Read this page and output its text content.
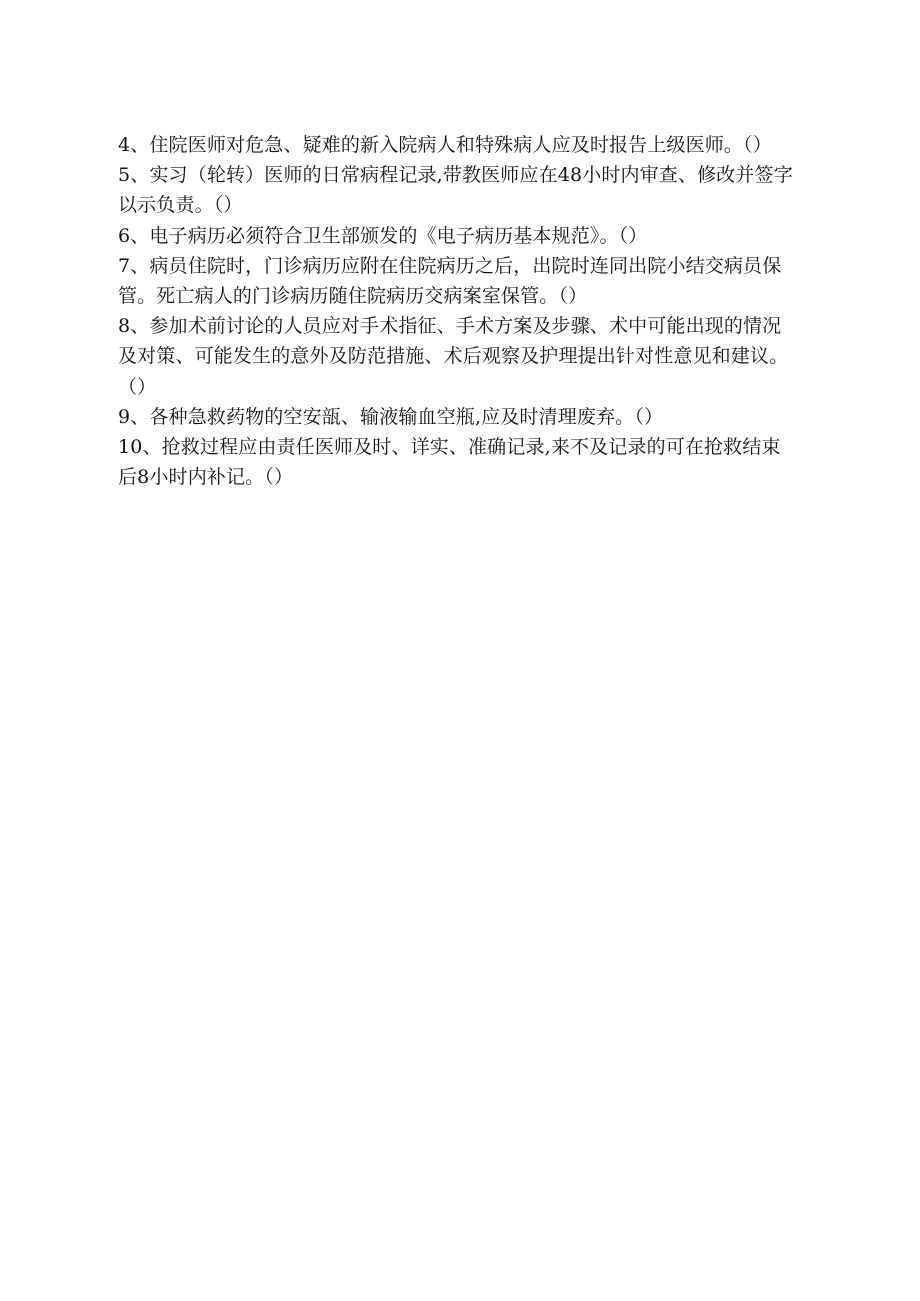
4、住院医师对危急、疑难的新入院病人和特殊病人应及时报告上级医师。（）
5、实习（轮转）医师的日常病程记录,带教医师应在48小时内审查、修改并签字
以示负责。（）
6、电子病历必须符合卫生部颁发的《电子病历基本规范》。（）
7、病员住院时，门诊病历应附在住院病历之后，出院时连同出院小结交病员保
管。死亡病人的门诊病历随住院病历交病案室保管。（）
8、参加术前讨论的人员应对手术指征、手术方案及步骤、术中可能出现的情况
及对策、可能发生的意外及防范措施、术后观察及护理提出针对性意见和建议。
（）
9、各种急救药物的空安瓿、输液输血空瓶,应及时清理废弃。（）
10、抢救过程应由责任医师及时、详实、准确记录,来不及记录的可在抢救结束
后8小时内补记。（）
